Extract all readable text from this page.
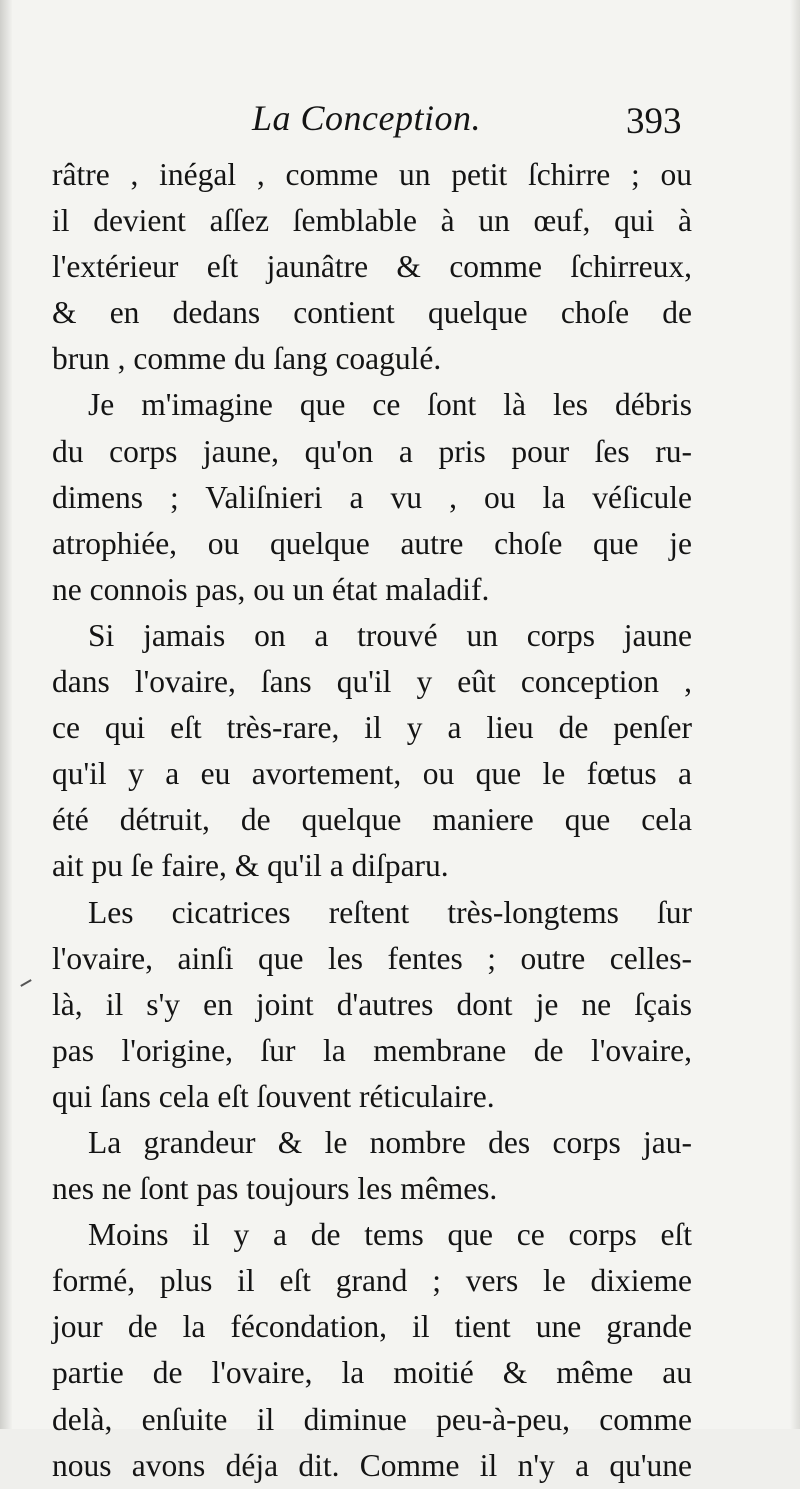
La Conception.	393
râtre , inégal , comme un petit ſchirre ; ou
il devient aſſez ſemblable à un œuf, qui à
l'extérieur eſt jaunâtre & comme ſchirreux,
& en dedans contient quelque choſe de
brun , comme du ſang coagulé.
Je m'imagine que ce ſont là les débris
du corps jaune, qu'on a pris pour ſes ru-
dimens ; Valiſnieri a vu , ou la véſicule
atrophiée, ou quelque autre choſe que je
ne connois pas, ou un état maladif.
Si jamais on a trouvé un corps jaune
dans l'ovaire, ſans qu'il y eût conception ,
ce qui eſt très-rare, il y a lieu de penſer
qu'il y a eu avortement, ou que le fœtus a
été détruit, de quelque maniere que cela
ait pu ſe faire, & qu'il a diſparu.
Les cicatrices reſtent très-longtems ſur
l'ovaire, ainſi que les fentes ; outre celles-
là, il s'y en joint d'autres dont je ne ſçais
pas l'origine, ſur la membrane de l'ovaire,
qui ſans cela eſt ſouvent réticulaire.
La grandeur & le nombre des corps jau-
nes ne ſont pas toujours les mêmes.
Moins il y a de tems que ce corps eſt
formé, plus il eſt grand ; vers le dixieme
jour de la fécondation, il tient une grande
partie de l'ovaire, la moitié & même au
delà, enſuite il diminue peu-à-peu, comme
nous avons déja dit. Comme il n'y a qu'une
